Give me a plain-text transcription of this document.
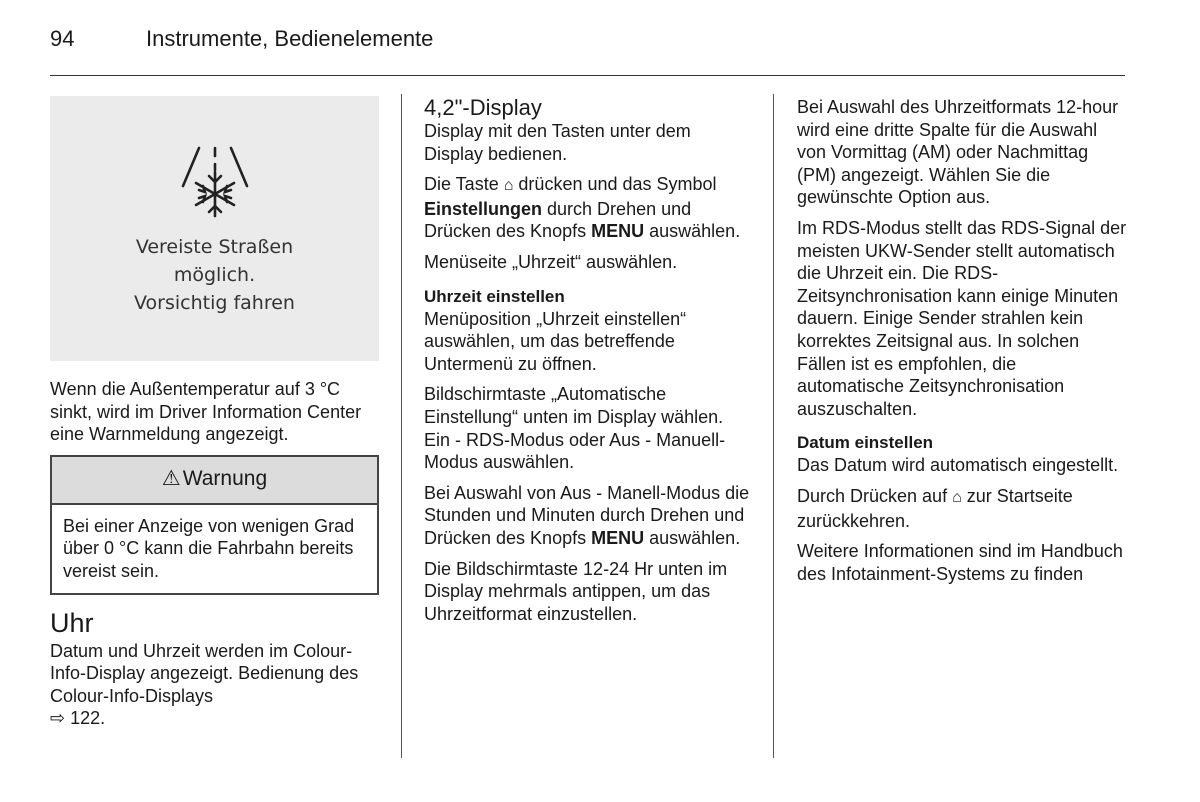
94	Instrumente, Bedienelemente
Vereiste Straßen
möglich.
Vorsichtig fahren

Wenn die Außentemperatur auf 3 °C sinkt, wird im Driver Information Center eine Warnmeldung angezeigt.

⚠ Warnung
Bei einer Anzeige von wenigen Grad über 0 °C kann die Fahrbahn bereits vereist sein.
Uhr

Datum und Uhrzeit werden im Colour-Info-Display angezeigt. Bedienung des Colour-Info-Displays
⇨ 122.

4,2"-Display

Display mit den Tasten unter dem Display bedienen.

Die Taste ⌂ drücken und das Symbol Einstellungen durch Drehen und Drücken des Knopfs MENU auswählen.

Menüseite „Uhrzeit“ auswählen.

Uhrzeit einstellen

Menüposition „Uhrzeit einstellen“ auswählen, um das betreffende Untermenü zu öffnen.

Bildschirmtaste „Automatische Einstellung“ unten im Display wählen. Ein - RDS-Modus oder Aus - Manuell-Modus auswählen.

Bei Auswahl von Aus - Manell-Modus die Stunden und Minuten durch Drehen und Drücken des Knopfs MENU auswählen.

Die Bildschirmtaste 12-24 Hr unten im Display mehrmals antippen, um das Uhrzeitformat einzustellen.

Bei Auswahl des Uhrzeitformats 12-hour wird eine dritte Spalte für die Auswahl von Vormittag (AM) oder Nachmittag (PM) angezeigt. Wählen Sie die gewünschte Option aus.

Im RDS-Modus stellt das RDS-Signal der meisten UKW-Sender stellt automatisch die Uhrzeit ein. Die RDS-Zeitsynchronisation kann einige Minuten dauern. Einige Sender strahlen kein korrektes Zeitsignal aus. In solchen Fällen ist es empfohlen, die automatische Zeitsynchronisation auszuschalten.

Datum einstellen

Das Datum wird automatisch eingestellt.

Durch Drücken auf ⌂ zur Startseite zurückkehren.

Weitere Informationen sind im Handbuch des Infotainment-Systems zu finden
